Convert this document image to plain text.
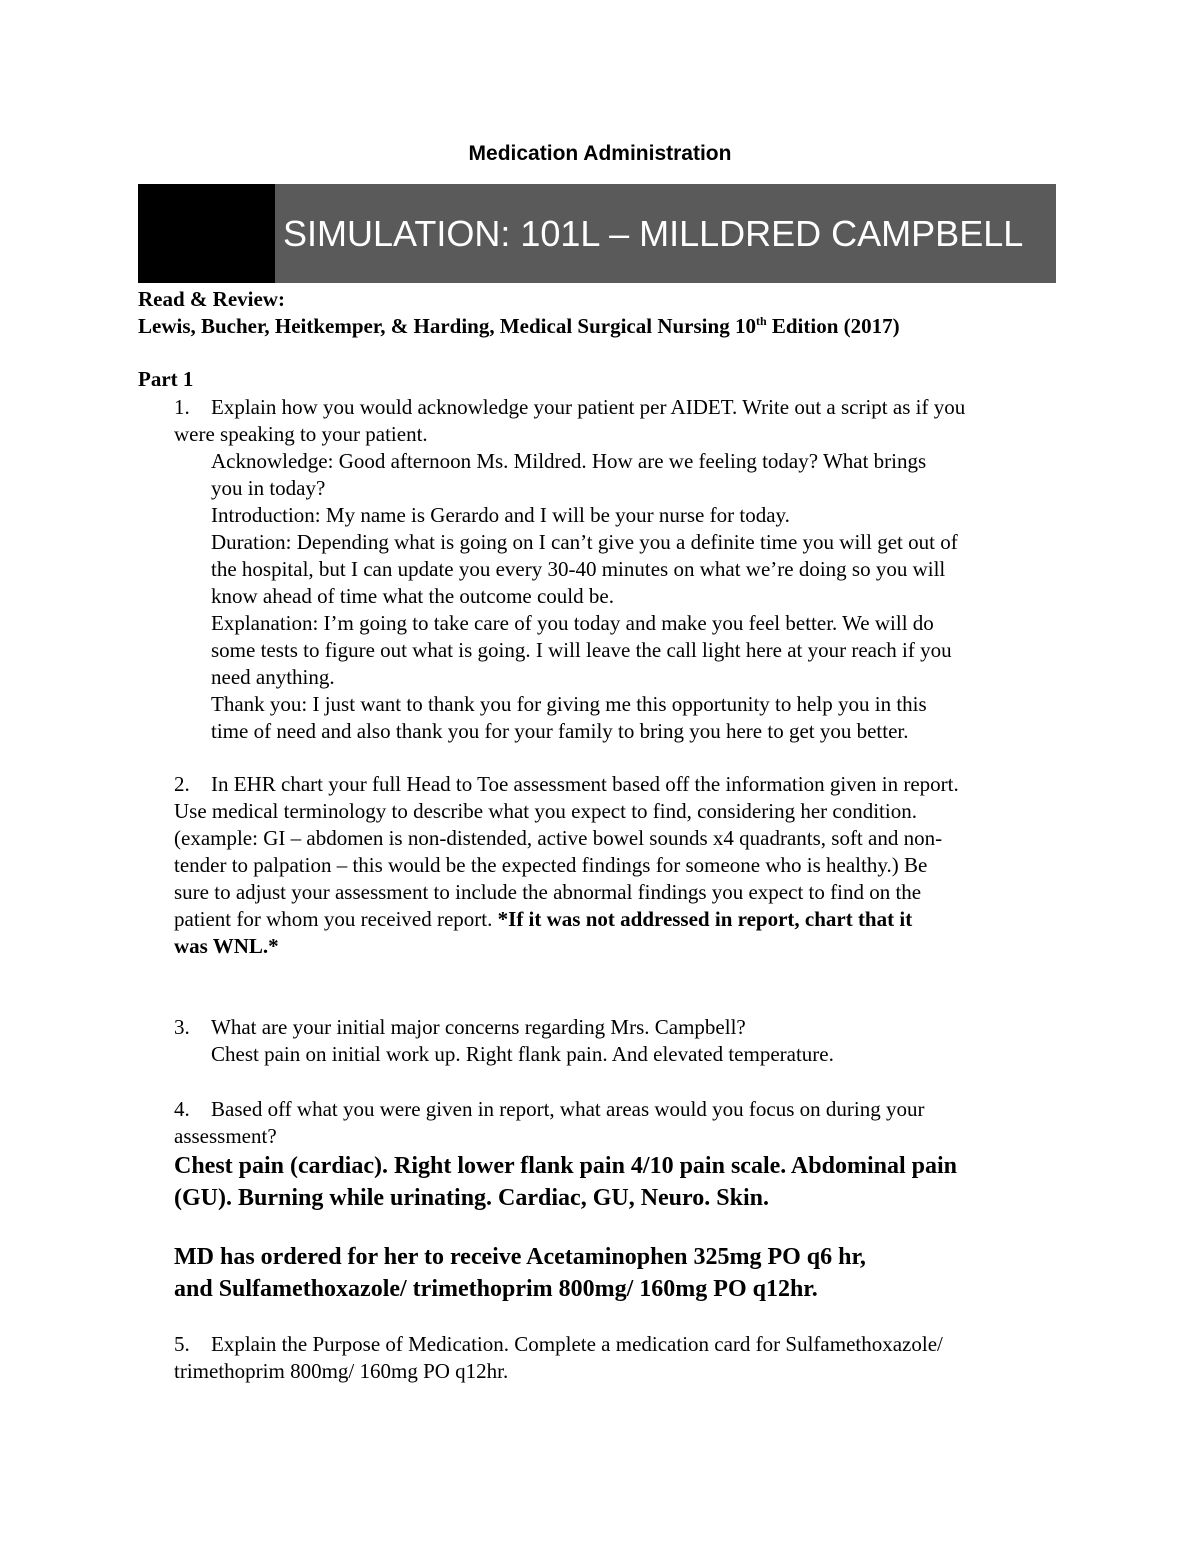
Medication Administration

SIMULATION: 101L – MILLDRED CAMPBELL

Read & Review:

Lewis, Bucher, Heitkemper, & Harding, Medical Surgical Nursing 10th Edition (2017)

Part 1

1. Explain how you would acknowledge your patient per AIDET. Write out a script as if you

were speaking to your patient.

Acknowledge: Good afternoon Ms. Mildred. How are we feeling today? What brings

you in today?

Introduction: My name is Gerardo and I will be your nurse for today.

Duration: Depending what is going on I can’t give you a definite time you will get out of

the hospital, but I can update you every 30-40 minutes on what we’re doing so you will

know ahead of time what the outcome could be.

Explanation: I’m going to take care of you today and make you feel better. We will do

some tests to figure out what is going. I will leave the call light here at your reach if you

need anything.

Thank you: I just want to thank you for giving me this opportunity to help you in this

time of need and also thank you for your family to bring you here to get you better.

2. In EHR chart your full Head to Toe assessment based off the information given in report.

Use medical terminology to describe what you expect to find, considering her condition.

(example: GI – abdomen is non-distended, active bowel sounds x4 quadrants, soft and non-

tender to palpation – this would be the expected findings for someone who is healthy.) Be

sure to adjust your assessment to include the abnormal findings you expect to find on the

patient for whom you received report. *If it was not addressed in report, chart that it

was WNL.*

3. What are your initial major concerns regarding Mrs. Campbell?

Chest pain on initial work up. Right flank pain. And elevated temperature.

4. Based off what you were given in report, what areas would you focus on during your

assessment?

Chest pain (cardiac). Right lower flank pain 4/10 pain scale. Abdominal pain

(GU). Burning while urinating. Cardiac, GU, Neuro. Skin.

MD has ordered for her to receive Acetaminophen 325mg PO q6 hr,

and Sulfamethoxazole/ trimethoprim 800mg/ 160mg PO q12hr.

5. Explain the Purpose of Medication. Complete a medication card for Sulfamethoxazole/

trimethoprim 800mg/ 160mg PO q12hr.
